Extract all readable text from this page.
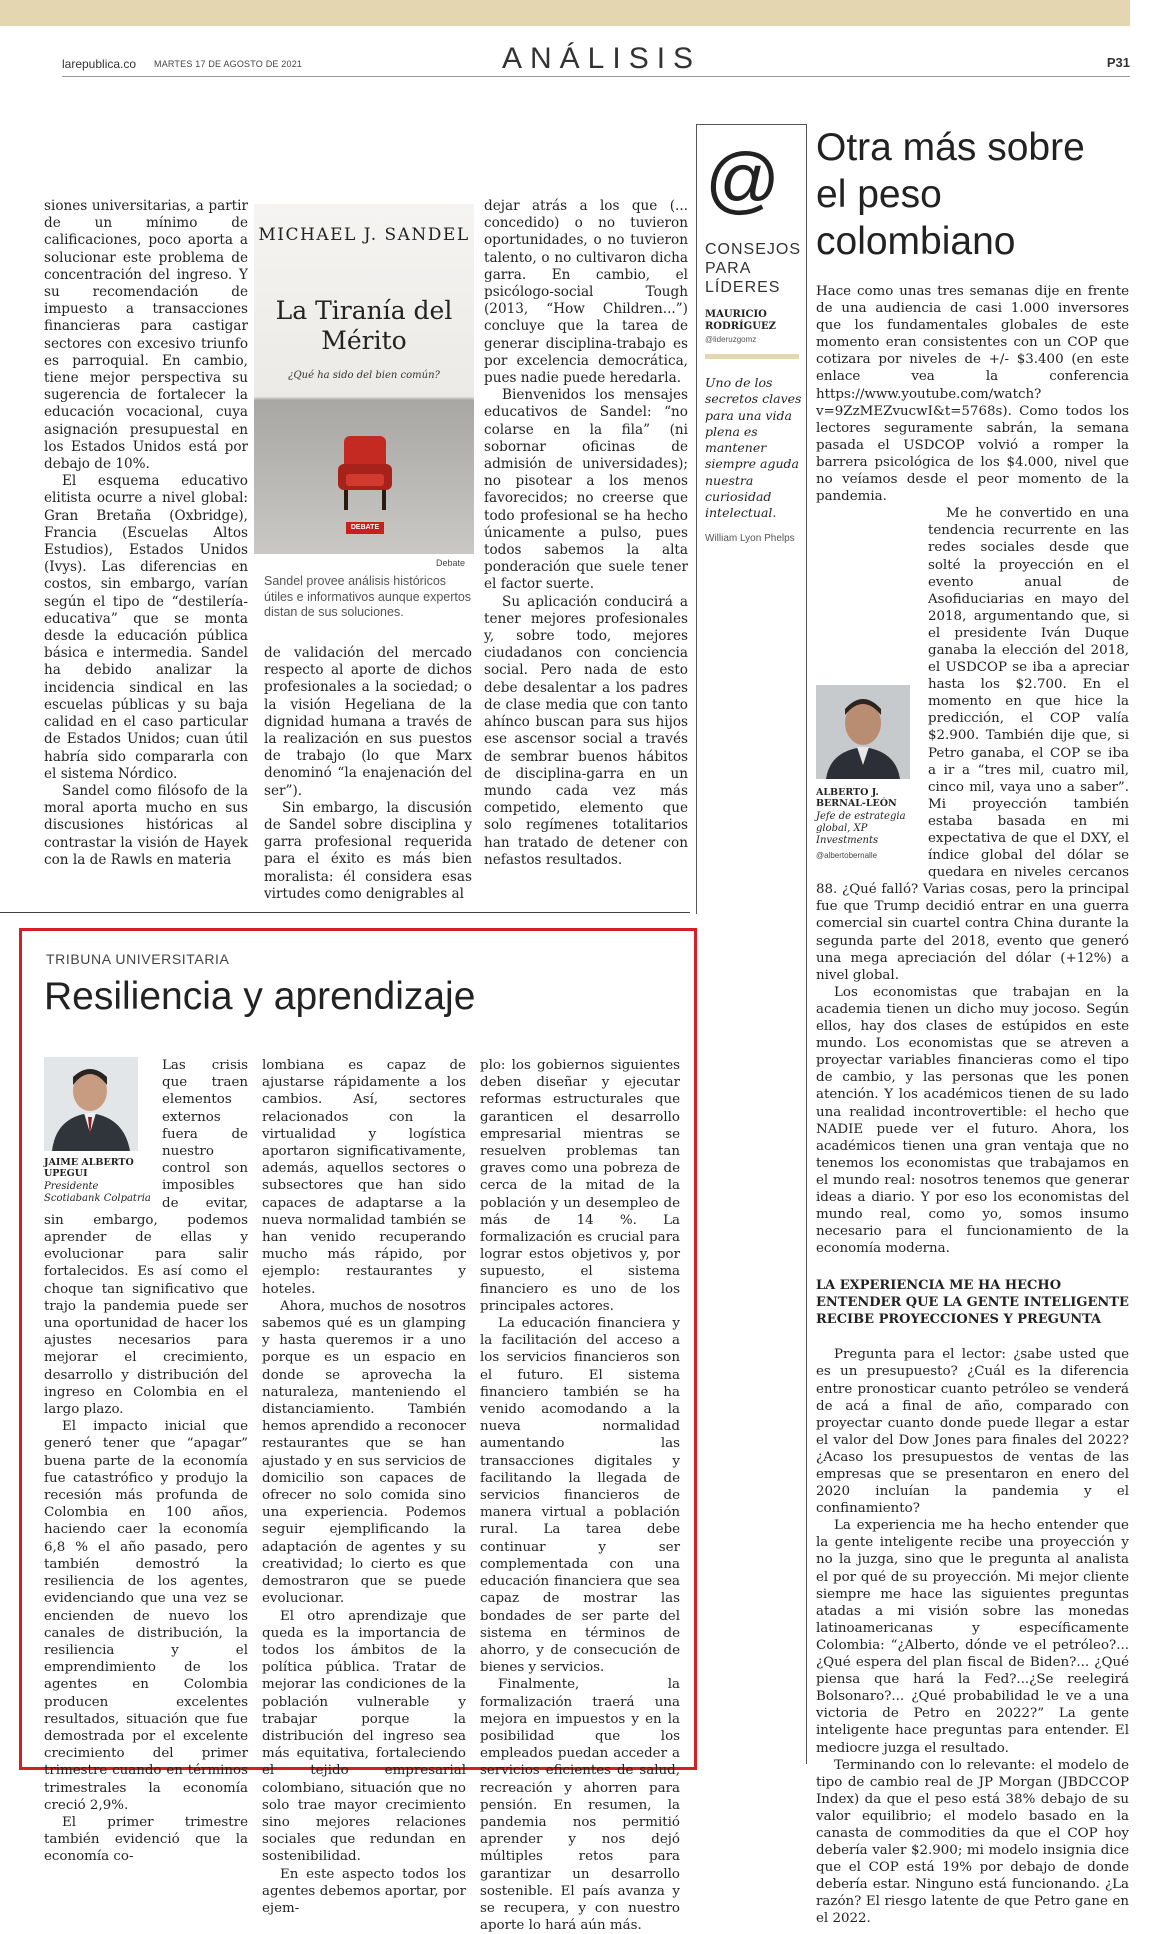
larepublica.co MARTES 17 DE AGOSTO DE 2021	ANÁLISIS	P31

siones universitarias, a partir de un mínimo de calificaciones, poco aporta a solucionar este problema de concentración del ingreso. Y su recomendación de impuesto a transacciones financieras para castigar sectores con excesivo triunfo es parroquial. En cambio, tiene mejor perspectiva su sugerencia de fortalecer la educación vocacional, cuya asignación presupuestal en los Estados Unidos está por debajo de 10%.

El esquema educativo elitista ocurre a nivel global: Gran Bretaña (Oxbridge), Francia (Escuelas Altos Estudios), Estados Unidos (Ivys). Las diferencias en costos, sin embargo, varían según el tipo de “destilería-educativa” que se monta desde la educación pública básica e intermedia. Sandel ha debido analizar la incidencia sindical en las escuelas públicas y su baja calidad en el caso particular de Estados Unidos; cuan útil habría sido compararla con el sistema Nórdico.

Sandel como filósofo de la moral aporta mucho en sus discusiones históricas al contrastar la visión de Hayek con la de Rawls en materia

MICHAEL J. SANDEL
La Tiranía del Mérito
¿Qué ha sido del bien común?
DEBATE
Debate
Sandel provee análisis históricos útiles e informativos aunque expertos distan de sus soluciones.

de validación del mercado respecto al aporte de dichos profesionales a la sociedad; o la visión Hegeliana de la dignidad humana a través de la realización en sus puestos de trabajo (lo que Marx denominó “la enajenación del ser”).

Sin embargo, la discusión de Sandel sobre disciplina y garra profesional requerida para el éxito es más bien moralista: él considera esas virtudes como denigrables al

dejar atrás a los que (... concedido) o no tuvieron oportunidades, o no tuvieron talento, o no cultivaron dicha garra. En cambio, el psicólogo-social Tough (2013, “How Children...”) concluye que la tarea de generar disciplina-trabajo es por excelencia democrática, pues nadie puede heredarla.

Bienvenidos los mensajes educativos de Sandel: “no colarse en la fila” (ni sobornar oficinas de admisión de universidades); no pisotear a los menos favorecidos; no creerse que todo profesional se ha hecho únicamente a pulso, pues todos sabemos la alta ponderación que suele tener el factor suerte.

Su aplicación conducirá a tener mejores profesionales y, sobre todo, mejores ciudadanos con conciencia social. Pero nada de esto debe desalentar a los padres de clase media que con tanto ahínco buscan para sus hijos ese ascensor social a través de sembrar buenos hábitos de disciplina-garra en un mundo cada vez más competido, elemento que solo regímenes totalitarios han tratado de detener con nefastos resultados.

@
CONSEJOS PARA LÍDERES
MAURICIO RODRÍGUEZ
@lideruzgomz
Uno de los secretos claves para una vida plena es mantener siempre aguda nuestra curiosidad intelectual.
William Lyon Phelps
Otra más sobre el peso colombiano

Hace como unas tres semanas dije en frente de una audiencia de casi 1.000 inversores que los fundamentales globales de este momento eran consistentes con un COP que cotizara por niveles de +/- $3.400 (en este enlace vea la conferencia https://www.youtube.com/watch?v=9ZzMEZvucwI&t=5768s). Como todos los lectores seguramente sabrán, la semana pasada el USDCOP volvió a romper la barrera psicológica de los $4.000, nivel que no veíamos desde el peor momento de la pandemia.

Me he convertido en una tendencia recurrente en las redes sociales desde que solté la proyección en el evento anual de Asofiduciarias en mayo del 2018, argumentando que, si el presidente Iván Duque ganaba la elección del 2018, el USDCOP se iba a apreciar hasta los $2.700. En el momento en que hice la predicción, el COP valía $2.900. También dije que, si Petro ganaba, el COP se iba a ir a “tres mil, cuatro mil, cinco mil, vaya uno a saber”. Mi proyección también estaba basada en mi expectativa de que el DXY, el índice global del dólar se quedara en niveles cercanos 88. ¿Qué falló? Varias cosas, pero la principal fue que Trump decidió entrar en una guerra comercial sin cuartel contra China durante la segunda parte del 2018, evento que generó una mega apreciación del dólar (+12%) a nivel global.

Los economistas que trabajan en la academia tienen un dicho muy jocoso. Según ellos, hay dos clases de estúpidos en este mundo. Los economistas que se atreven a proyectar variables financieras como el tipo de cambio, y las personas que les ponen atención. Y los académicos tienen de su lado una realidad incontrovertible: el hecho que NADIE puede ver el futuro. Ahora, los académicos tienen una gran ventaja que no tenemos los economistas que trabajamos en el mundo real: nosotros tenemos que generar ideas a diario. Y por eso los economistas del mundo real, como yo, somos insumo necesario para el funcionamiento de la economía moderna.

LA EXPERIENCIA ME HA HECHO ENTENDER QUE LA GENTE INTELIGENTE RECIBE PROYECCIONES Y PREGUNTA

Pregunta para el lector: ¿sabe usted que es un presupuesto? ¿Cuál es la diferencia entre pronosticar cuanto petróleo se venderá de acá a final de año, comparado con proyectar cuanto donde puede llegar a estar el valor del Dow Jones para finales del 2022? ¿Acaso los presupuestos de ventas de las empresas que se presentaron en enero del 2020 incluían la pandemia y el confinamiento?

La experiencia me ha hecho entender que la gente inteligente recibe una proyección y no la juzga, sino que le pregunta al analista el por qué de su proyección. Mi mejor cliente siempre me hace las siguientes preguntas atadas a mi visión sobre las monedas latinoamericanas y específicamente Colombia: “¿Alberto, dónde ve el petróleo?... ¿Qué espera del plan fiscal de Biden?... ¿Qué piensa que hará la Fed?...¿Se reelegirá Bolsonaro?... ¿Qué probabilidad le ve a una victoria de Petro en 2022?” La gente inteligente hace preguntas para entender. El mediocre juzga el resultado.

Terminando con lo relevante: el modelo de tipo de cambio real de JP Morgan (JBDCCOP Index) da que el peso está 38% debajo de su valor equilibrio; el modelo basado en la canasta de commodities da que el COP hoy debería valer $2.900; mi modelo insignia dice que el COP está 19% por debajo de donde debería estar. Ninguno está funcionando. ¿La razón? El riesgo latente de que Petro gane en el 2022.

ALBERTO J. BERNAL-LEÓN
Jefe de estrategia global, XP Investments
@albertobernalle
TRIBUNA UNIVERSITARIA
Resiliencia y aprendizaje
JAIME ALBERTO UPEGUI
Presidente Scotiabank Colpatria

Las crisis que traen elementos externos fuera de nuestro control son imposibles de evitar, sin embargo, podemos aprender de ellas y evolucionar para salir fortalecidos. Es así como el choque tan significativo que trajo la pandemia puede ser una oportunidad de hacer los ajustes necesarios para mejorar el crecimiento, desarrollo y distribución del ingreso en Colombia en el largo plazo.

El impacto inicial que generó tener que “apagar” buena parte de la economía fue catastrófico y produjo la recesión más profunda de Colombia en 100 años, haciendo caer la economía 6,8 % el año pasado, pero también demostró la resiliencia de los agentes, evidenciando que una vez se encienden de nuevo los canales de distribución, la resiliencia y el emprendimiento de los agentes en Colombia producen excelentes resultados, situación que fue demostrada por el excelente crecimiento del primer trimestre cuando en términos trimestrales la economía creció 2,9%.

El primer trimestre también evidenció que la economía co-

lombiana es capaz de ajustarse rápidamente a los cambios. Así, sectores relacionados con la virtualidad y logística aportaron significativamente, además, aquellos sectores o subsectores que han sido capaces de adaptarse a la nueva normalidad también se han venido recuperando mucho más rápido, por ejemplo: restaurantes y hoteles.

Ahora, muchos de nosotros sabemos qué es un glamping y hasta queremos ir a uno porque es un espacio en donde se aprovecha la naturaleza, manteniendo el distanciamiento. También hemos aprendido a reconocer restaurantes que se han ajustado y en sus servicios de domicilio son capaces de ofrecer no solo comida sino una experiencia. Podemos seguir ejemplificando la adaptación de agentes y su creatividad; lo cierto es que demostraron que se puede evolucionar.

El otro aprendizaje que queda es la importancia de todos los ámbitos de la política pública. Tratar de mejorar las condiciones de la población vulnerable y trabajar porque la distribución del ingreso sea más equitativa, fortaleciendo el tejido empresarial colombiano, situación que no solo trae mayor crecimiento sino mejores relaciones sociales que redundan en sostenibilidad.

En este aspecto todos los agentes debemos aportar, por ejem-

plo: los gobiernos siguientes deben diseñar y ejecutar reformas estructurales que garanticen el desarrollo empresarial mientras se resuelven problemas tan graves como una pobreza de cerca de la mitad de la población y un desempleo de más de 14 %. La formalización es crucial para lograr estos objetivos y, por supuesto, el sistema financiero es uno de los principales actores.

La educación financiera y la facilitación del acceso a los servicios financieros son el futuro. El sistema financiero también se ha venido acomodando a la nueva normalidad aumentando las transacciones digitales y facilitando la llegada de servicios financieros de manera virtual a población rural. La tarea debe continuar y ser complementada con una educación financiera que sea capaz de mostrar las bondades de ser parte del sistema en términos de ahorro, y de consecución de bienes y servicios.

Finalmente, la formalización traerá una mejora en impuestos y en la posibilidad que los empleados puedan acceder a servicios eficientes de salud, recreación y ahorren para pensión. En resumen, la pandemia nos permitió aprender y nos dejó múltiples retos para garantizar un desarrollo sostenible. El país avanza y se recupera, y con nuestro aporte lo hará aún más.
